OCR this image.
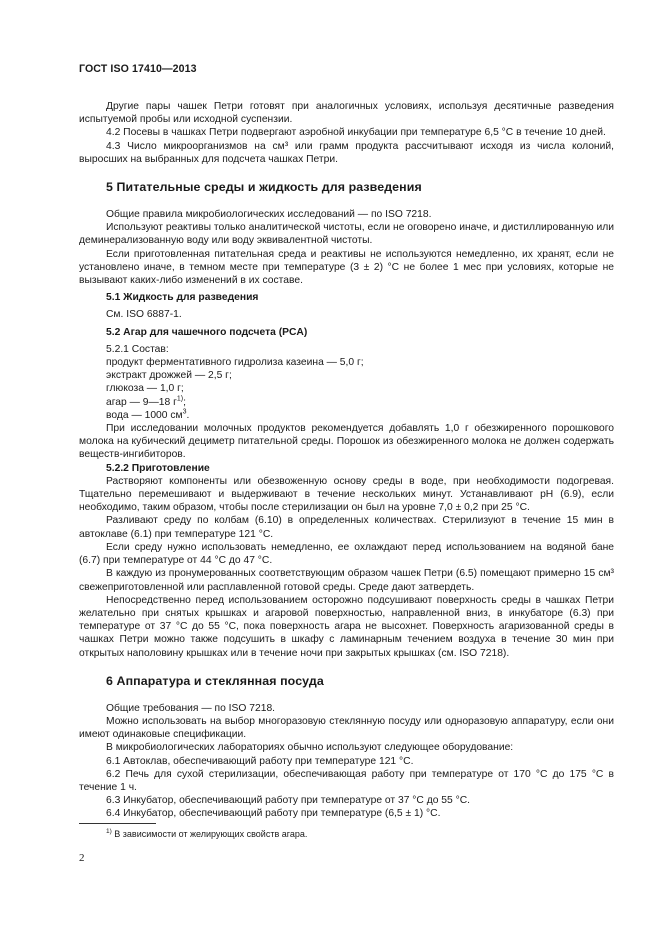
ГОСТ ISO 17410—2013

Другие пары чашек Петри готовят при аналогичных условиях, используя десятичные разведения испытуемой пробы или исходной суспензии.

4.2 Посевы в чашках Петри подвергают аэробной инкубации при температуре 6,5 °С в течение 10 дней.

4.3 Число микроорганизмов на см³ или грамм продукта рассчитывают исходя из числа колоний, выросших на выбранных для подсчета чашках Петри.

5 Питательные среды и жидкость для разведения

Общие правила микробиологических исследований — по ISO 7218.

Используют реактивы только аналитической чистоты, если не оговорено иначе, и дистиллированную или деминерализованную воду или воду эквивалентной чистоты.

Если приготовленная питательная среда и реактивы не используются немедленно, их хранят, если не установлено иначе, в темном месте при температуре (3 ± 2) °С не более 1 мес при условиях, которые не вызывают каких-либо изменений в их составе.

5.1 Жидкость для разведения
См. ISO 6887-1.
5.2 Агар для чашечного подсчета (PCA)
5.2.1 Состав:
продукт ферментативного гидролиза казеина — 5,0 г;
экстракт дрожжей — 2,5 г;
глюкоза — 1,0 г;
агар — 9—18 $г^{1)}$;
вода — 1000 $см^3$.

При исследовании молочных продуктов рекомендуется добавлять 1,0 г обезжиренного порошкового молока на кубический дециметр питательной среды. Порошок из обезжиренного молока не должен содержать веществ-ингибиторов.

5.2.2 Приготовление

Растворяют компоненты или обезвоженную основу среды в воде, при необходимости подогревая. Тщательно перемешивают и выдерживают в течение нескольких минут. Устанавливают pH (6.9), если необходимо, таким образом, чтобы после стерилизации он был на уровне 7,0 ± 0,2 при 25 °С.

Разливают среду по колбам (6.10) в определенных количествах. Стерилизуют в течение 15 мин в автоклаве (6.1) при температуре 121 °С.

Если среду нужно использовать немедленно, ее охлаждают перед использованием на водяной бане (6.7) при температуре от 44 °С до 47 °С.

В каждую из пронумерованных соответствующим образом чашек Петри (6.5) помещают примерно 15 см³ свежеприготовленной или расплавленной готовой среды. Среде дают затвердеть.

Непосредственно перед использованием осторожно подсушивают поверхность среды в чашках Петри желательно при снятых крышках и агаровой поверхностью, направленной вниз, в инкубаторе (6.3) при температуре от 37 °С до 55 °С, пока поверхность агара не высохнет. Поверхность агаризованной среды в чашках Петри можно также подсушить в шкафу с ламинарным течением воздуха в течение 30 мин при открытых наполовину крышках или в течение ночи при закрытых крышках (см. ISO 7218).

6 Аппаратура и стеклянная посуда

Общие требования — по ISO 7218.

Можно использовать на выбор многоразовую стеклянную посуду или одноразовую аппаратуру, если они имеют одинаковые спецификации.

В микробиологических лабораториях обычно используют следующее оборудование:

6.1 Автоклав, обеспечивающий работу при температуре 121 °С.

6.2 Печь для сухой стерилизации, обеспечивающая работу при температуре от 170 °С до 175 °С в течение 1 ч.

6.3 Инкубатор, обеспечивающий работу при температуре от 37 °С до 55 °С.

6.4 Инкубатор, обеспечивающий работу при температуре (6,5 ± 1) °С.

$^{1)}$ В зависимости от желирующих свойств агара.
2
